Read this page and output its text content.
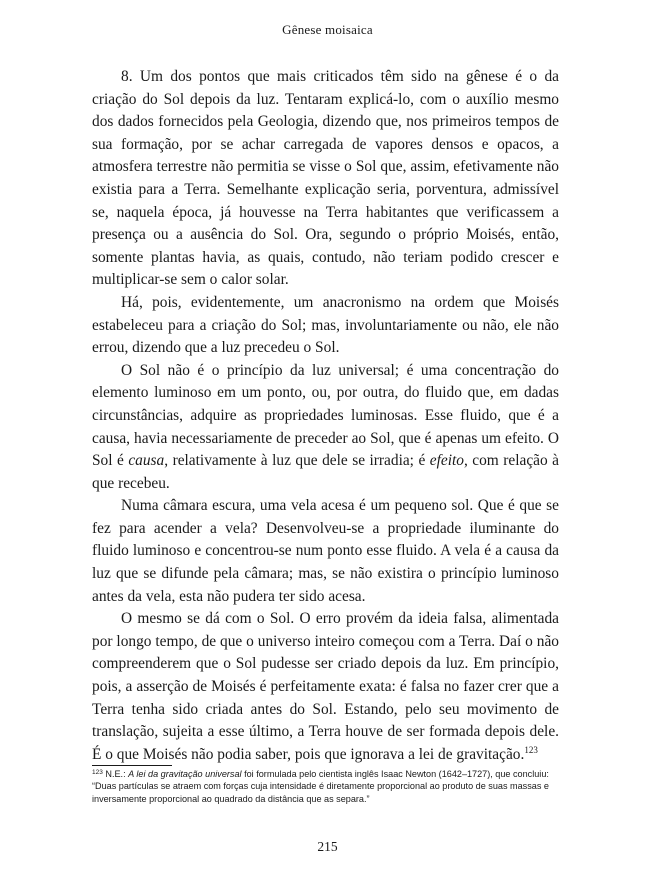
Gênese moisaica

8. Um dos pontos que mais criticados têm sido na gênese é o da criação do Sol depois da luz. Tentaram explicá-lo, com o auxílio mesmo dos dados fornecidos pela Geologia, dizendo que, nos primeiros tempos de sua formação, por se achar carregada de vapores densos e opacos, a atmosfera terrestre não permitia se visse o Sol que, assim, efetivamente não existia para a Terra. Semelhante explicação seria, porventura, admissível se, naquela época, já houvesse na Terra habitantes que verificassem a presença ou a ausência do Sol. Ora, segundo o próprio Moisés, então, somente plantas havia, as quais, contudo, não teriam podido crescer e multiplicar-se sem o calor solar.

Há, pois, evidentemente, um anacronismo na ordem que Moisés estabeleceu para a criação do Sol; mas, involuntariamente ou não, ele não errou, dizendo que a luz precedeu o Sol.

O Sol não é o princípio da luz universal; é uma concentração do elemento luminoso em um ponto, ou, por outra, do fluido que, em dadas circunstâncias, adquire as propriedades luminosas. Esse fluido, que é a causa, havia necessariamente de preceder ao Sol, que é apenas um efeito. O Sol é causa, relativamente à luz que dele se irradia; é efeito, com relação à que recebeu.

Numa câmara escura, uma vela acesa é um pequeno sol. Que é que se fez para acender a vela? Desenvolveu-se a propriedade iluminante do fluido luminoso e concentrou-se num ponto esse fluido. A vela é a causa da luz que se difunde pela câmara; mas, se não existira o princípio luminoso antes da vela, esta não pudera ter sido acesa.

O mesmo se dá com o Sol. O erro provém da ideia falsa, alimentada por longo tempo, de que o universo inteiro começou com a Terra. Daí o não compreenderem que o Sol pudesse ser criado depois da luz. Em princípio, pois, a asserção de Moisés é perfeitamente exata: é falsa no fazer crer que a Terra tenha sido criada antes do Sol. Estando, pelo seu movimento de translação, sujeita a esse último, a Terra houve de ser formada depois dele. É o que Moisés não podia saber, pois que ignorava a lei de gravitação.$^{123}$

$^{123}$ N.E.: A lei da gravitação universal foi formulada pelo cientista inglês Isaac Newton (1642–1727), que concluiu: “Duas partículas se atraem com forças cuja intensidade é diretamente proporcional ao produto de suas massas e inversamente proporcional ao quadrado da distância que as separa.”

215
